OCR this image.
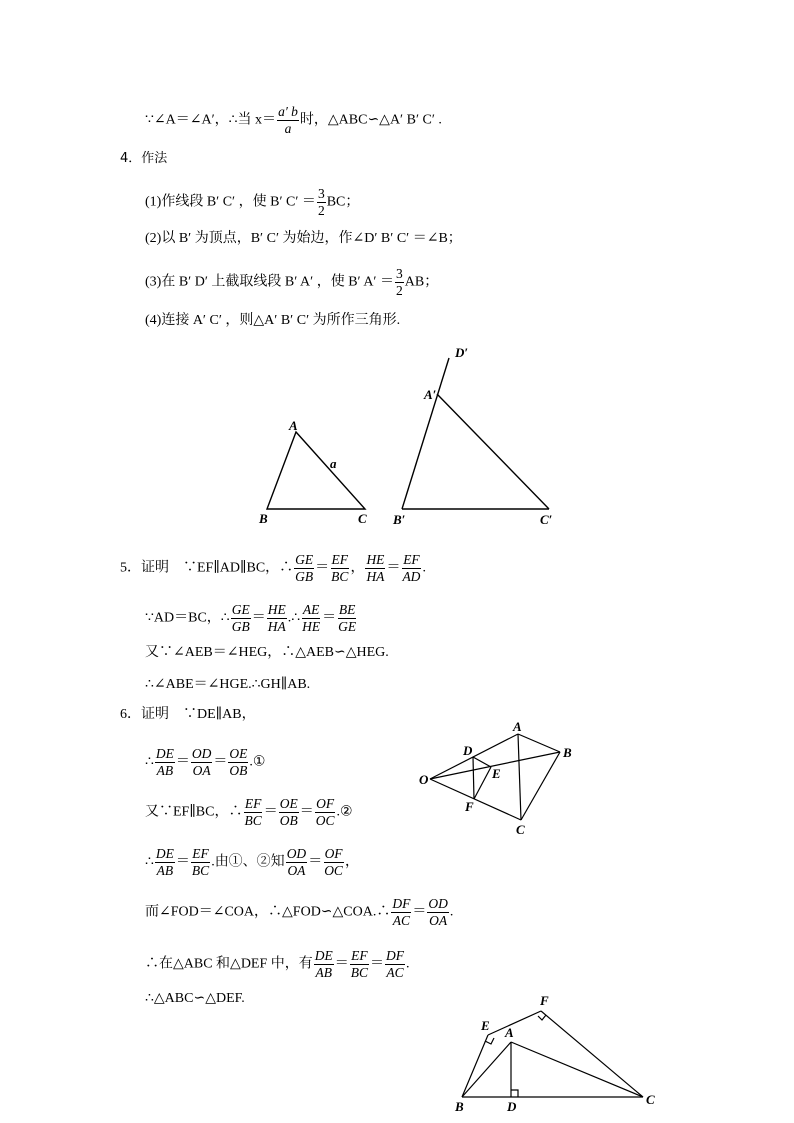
∵∠A＝∠A′，∴当 $x= \frac{a' b}{a}$ 时，△ABC∽△A′ B′ C′ .
4．作法
(1)作线段 B′ C′ ，使 B′ $C' = \frac{3}{2}$ BC；
(2)以 B′ 为顶点，B′ C′ 为始边，作∠D′ B′ C′ ＝∠B；
(3)在 B′ D′ 上截取线段 B′ A′ ，使 B′ $A' = \frac{3}{2}$ AB；
(4)连接 A′ C′ ，则△A′ B′ C′ 为所作三角形.
A
B	C
a
A′
B′	C′
D′
5．证明　∵EF∥AD∥BC，∴ $\frac{GE}{GB} = \frac{EF}{BC}$ ， $\frac{HE}{HA} = \frac{EF}{AD}$ .
∵AD＝BC，∴ $\frac{GE}{GB} = \frac{HE}{HA}$ .∴ $\frac{AE}{HE} = \frac{BE}{GE}$
又∵∠AEB＝∠HEG，∴△AEB∽△HEG.
∴∠ABE＝∠HGE.∴GH∥AB.
6．证明　∵DE∥AB，
∴ $\frac{DE}{AB} = \frac{OD}{OA} = \frac{OE}{OB}$ .①
又∵EF∥BC，∴ $\frac{EF}{BC} = \frac{OE}{OB} = \frac{OF}{OC}$ .②
∴ $\frac{DE}{AB} = \frac{EF}{BC}$ .由①、②知 $\frac{OD}{OA} = \frac{OF}{OC}$ ，
而∠FOD＝∠COA，∴△FOD∽△COA.∴ $\frac{DF}{AC} = \frac{OD}{OA}$ .
∴在△ABC 和△DEF 中，有 $\frac{DE}{AB} = \frac{EF}{BC} = \frac{DF}{AC}$ .
∴△ABC∽△DEF.
O
A
B
C
D
E
F
F
E A
B	D	C
